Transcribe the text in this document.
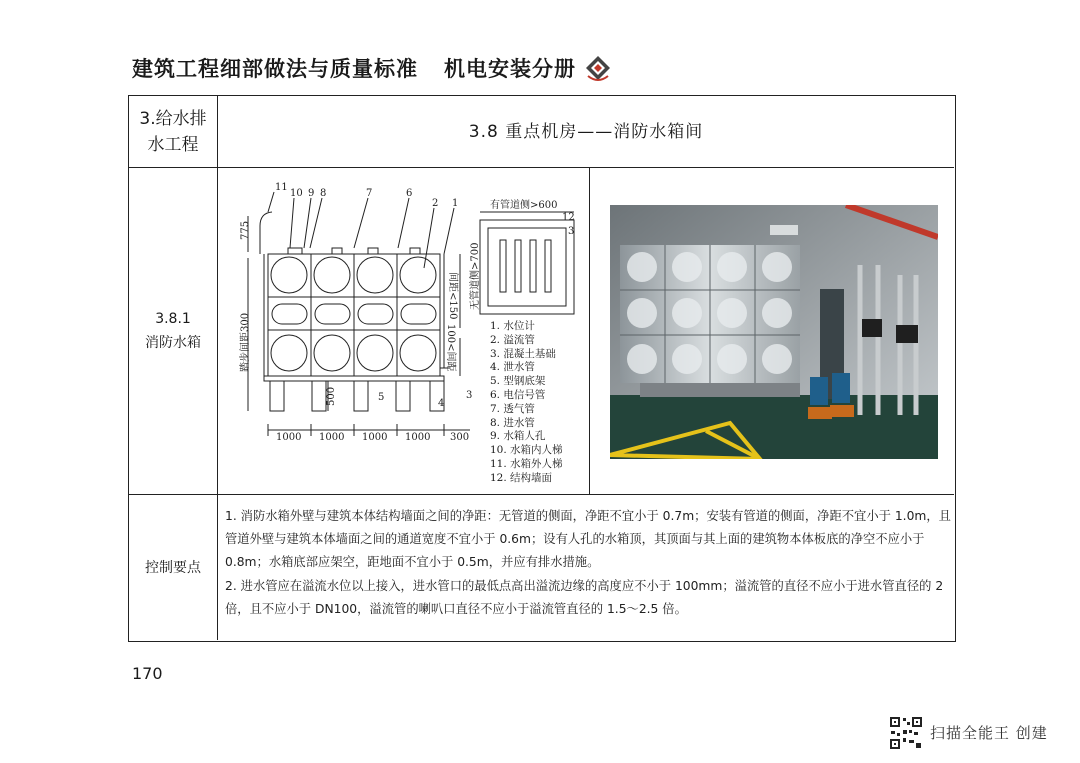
建筑工程细部做法与质量标准 机电安装分册
3.给水排
水工程
3.8 重点机房——消防水箱间
3.8.1
消防水箱
11
10 9 8	7	6
2 1
775
踏步间距300
1000 1000 1000 1000 300
500
间距<150
100<间距
5
4
3
有管道侧>600
无管道侧>700
12
3
1. 水位计
2. 溢流管
3. 混凝土基础
4. 泄水管
5. 型钢底架
6. 电信号管
7. 透气管
8. 进水管
9. 水箱人孔
10. 水箱内人梯
11. 水箱外人梯
12. 结构墙面
控制要点
1. 消防水箱外壁与建筑本体结构墙面之间的净距：无管道的侧面，净距不宜小于 0.7m；安装有管道的侧面，净距不宜小于 1.0m，且管道外壁与建筑本体墙面之间的通道宽度不宜小于 0.6m；设有人孔的水箱顶，其顶面与其上面的建筑物本体板底的净空不应小于 0.8m；水箱底部应架空，距地面不宜小于 0.5m，并应有排水措施。
2. 进水管应在溢流水位以上接入，进水管口的最低点高出溢流边缘的高度应不小于 100mm；溢流管的直径不应小于进水管直径的 2 倍，且不应小于 DN100，溢流管的喇叭口直径不应小于溢流管直径的 1.5～2.5 倍。
170
扫描全能王 创建
